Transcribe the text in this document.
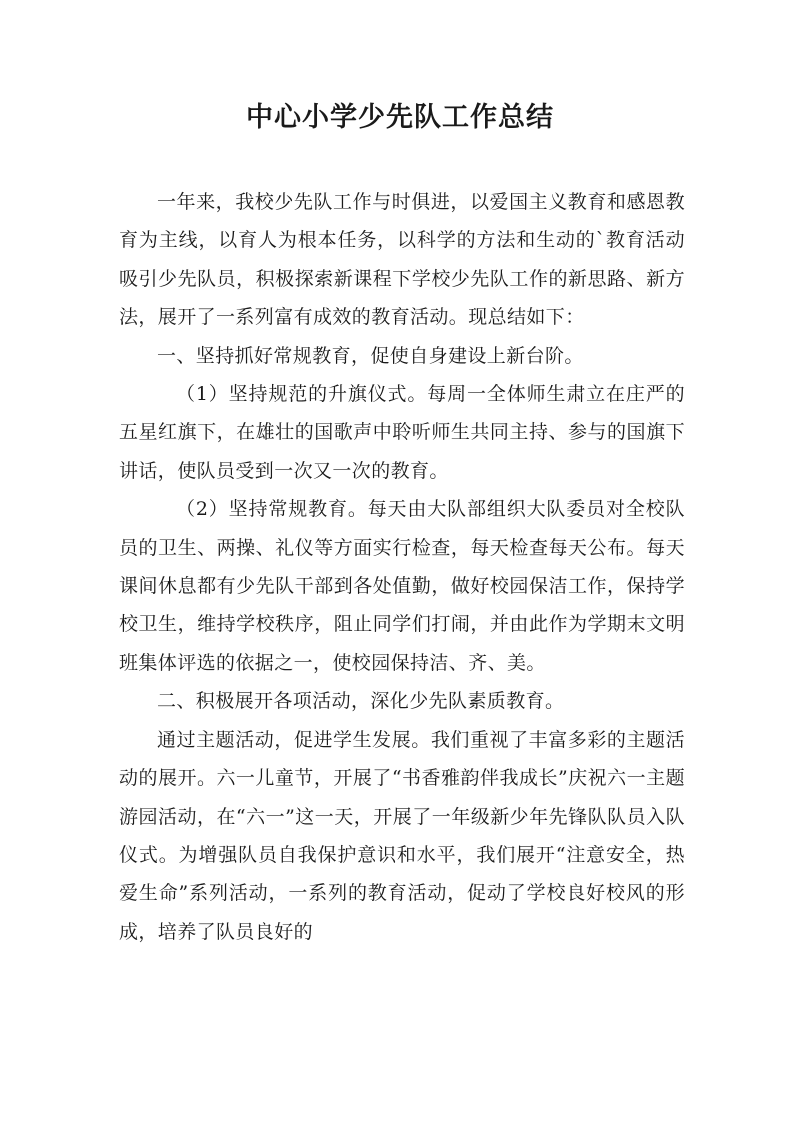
中心小学少先队工作总结

一年来，我校少先队工作与时俱进，以爱国主义教育和感恩教育为主线，以育人为根本任务，以科学的方法和生动的`教育活动吸引少先队员，积极探索新课程下学校少先队工作的新思路、新方法，展开了一系列富有成效的教育活动。现总结如下：

一、坚持抓好常规教育，促使自身建设上新台阶。

（1）坚持规范的升旗仪式。每周一全体师生肃立在庄严的五星红旗下，在雄壮的国歌声中聆听师生共同主持、参与的国旗下讲话，使队员受到一次又一次的教育。

（2）坚持常规教育。每天由大队部组织大队委员对全校队员的卫生、两操、礼仪等方面实行检查，每天检查每天公布。每天课间休息都有少先队干部到各处值勤，做好校园保洁工作，保持学校卫生，维持学校秩序，阻止同学们打闹，并由此作为学期末文明班集体评选的依据之一，使校园保持洁、齐、美。

二、积极展开各项活动，深化少先队素质教育。

通过主题活动，促进学生发展。我们重视了丰富多彩的主题活动的展开。六一儿童节，开展了“书香雅韵伴我成长”庆祝六一主题游园活动，在“六一”这一天，开展了一年级新少年先锋队队员入队仪式。为增强队员自我保护意识和水平，我们展开“注意安全，热爱生命”系列活动，一系列的教育活动，促动了学校良好校风的形成，培养了队员良好的
